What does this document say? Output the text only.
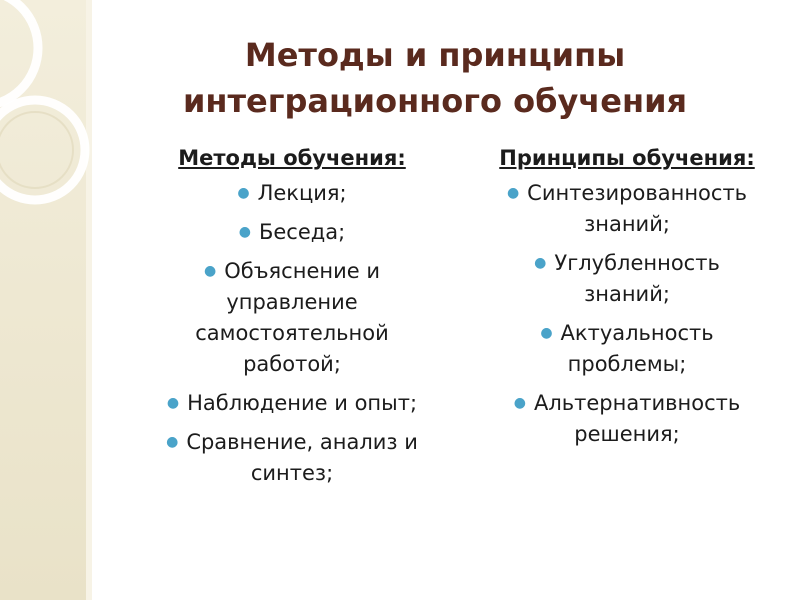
Методы и принципы
интеграционного обучения
Методы обучения:
● Лекция;
● Беседа;
● Объяснение и управление самостоятельной работой;
● Наблюдение и опыт;
● Сравнение, анализ и синтез;
Принципы обучения:
● Синтезированность знаний;
● Углубленность знаний;
● Актуальность проблемы;
● Альтернативность решения;
